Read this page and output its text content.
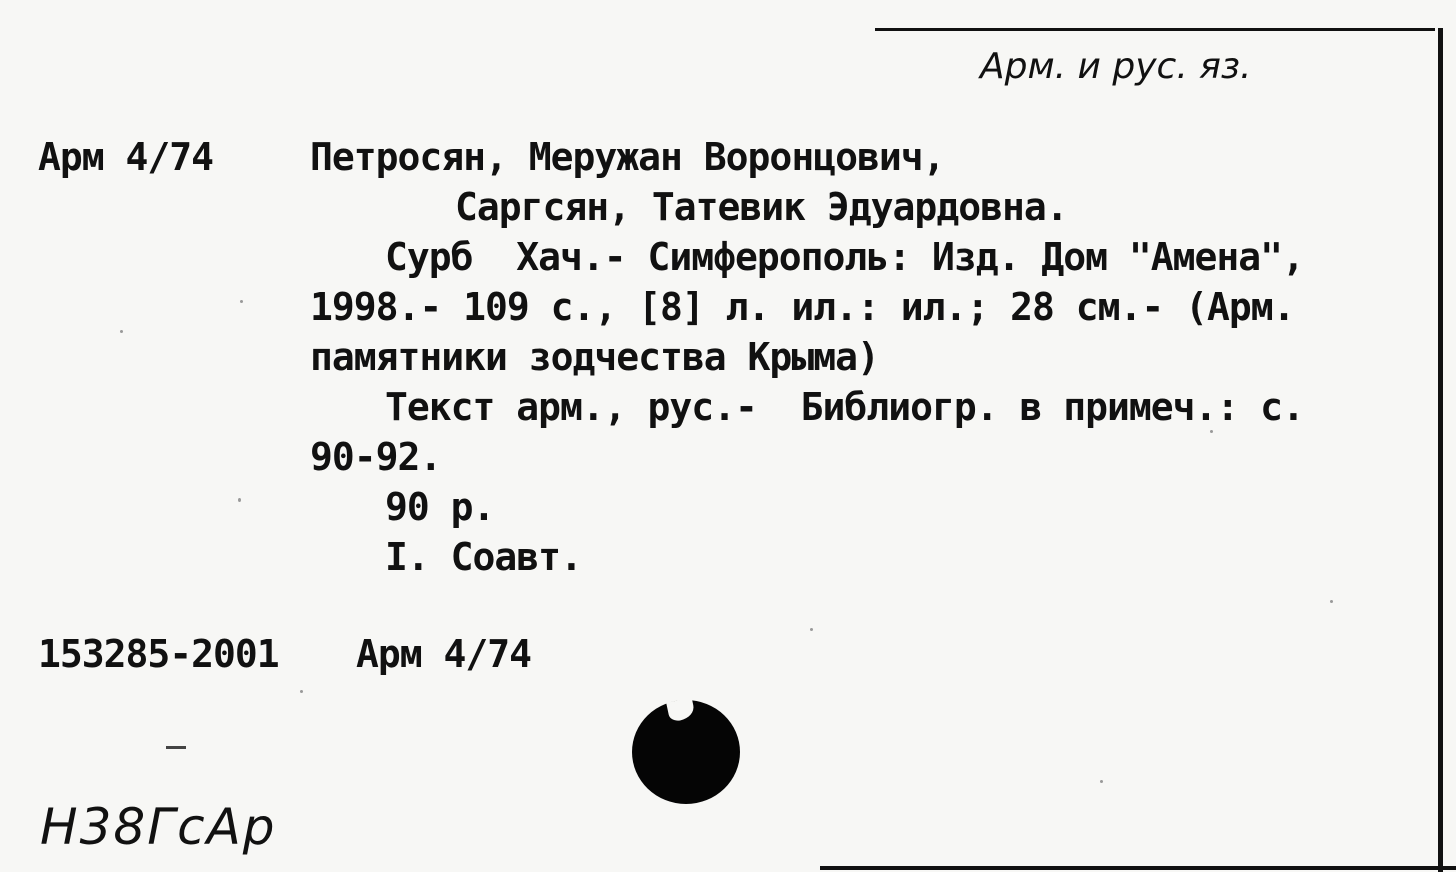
Арм. и рус. яз.
Арм 4/74	Петросян, Меружан Воронцович,
Саргсян, Татевик Эдуардовна.
Сурб  Хач.- Симферополь: Изд. Дом "Амена",
1998.- 109 с., [8] л. ил.: ил.; 28 см.- (Арм.
памятники зодчества Крыма)
Текст арм., рус.-  Библиогр. в примеч.: с.
90-92.
90 р.
I. Соавт.
153285-2001 Арм 4/74
Н38ГсАр
